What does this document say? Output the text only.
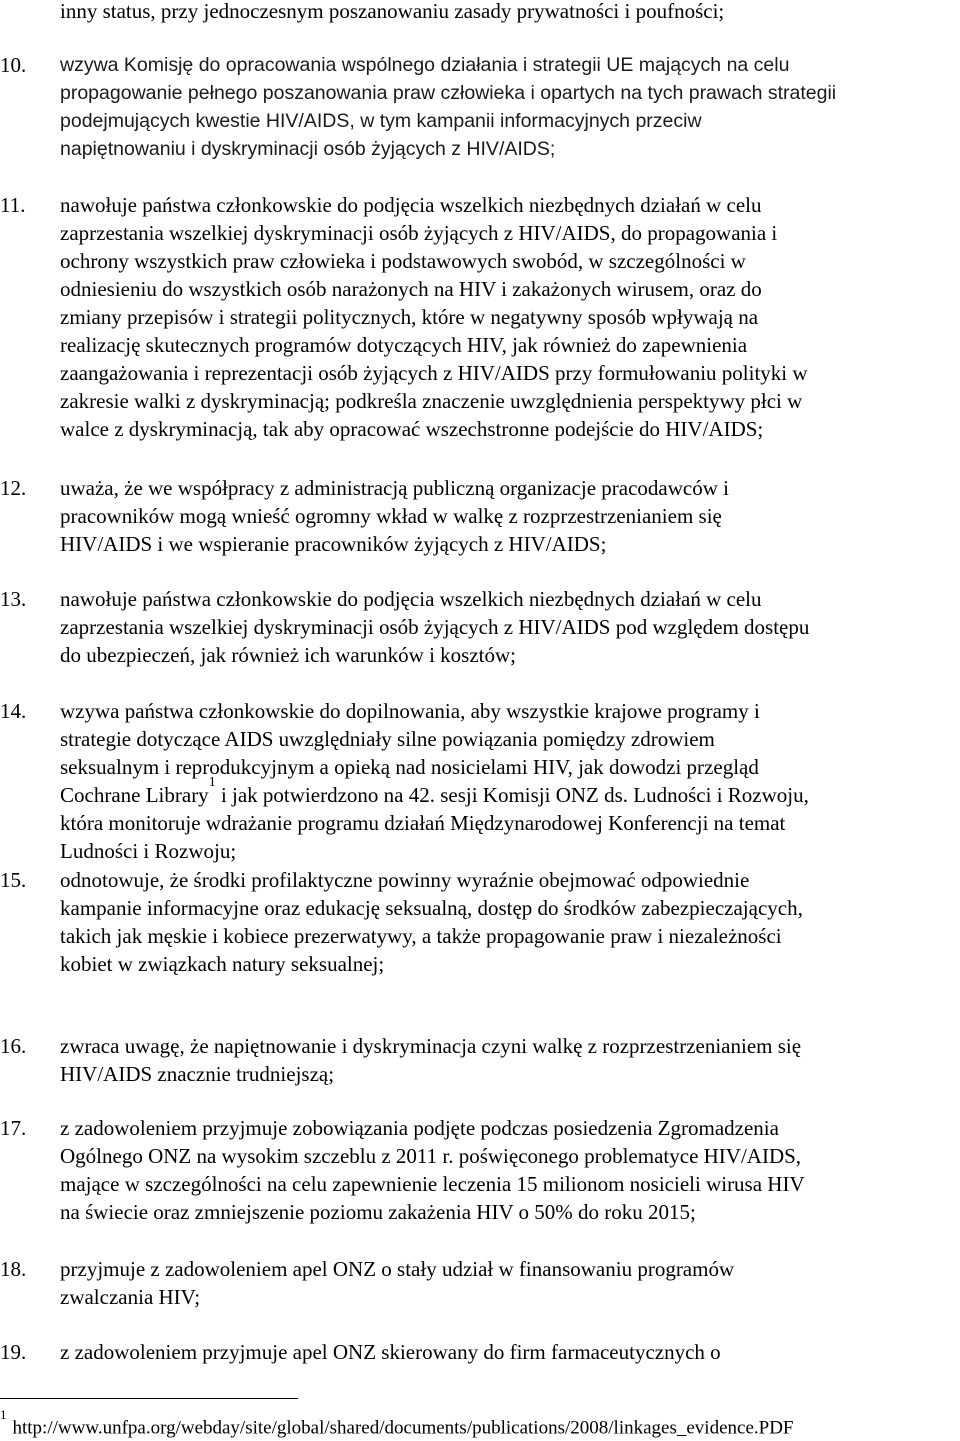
inny status, przy jednoczesnym poszanowaniu zasady prywatności i poufności;
10.	wzywa Komisję do opracowania wspólnego działania i strategii UE mających na celu
propagowanie pełnego poszanowania praw człowieka i opartych na tych prawach strategii
podejmujących kwestie HIV/AIDS, w tym kampanii informacyjnych przeciw
napiętnowaniu i dyskryminacji osób żyjących z HIV/AIDS;
11.	nawołuje państwa członkowskie do podjęcia wszelkich niezbędnych działań w celu
zaprzestania wszelkiej dyskryminacji osób żyjących z HIV/AIDS, do propagowania i
ochrony wszystkich praw człowieka i podstawowych swobód, w szczególności w
odniesieniu do wszystkich osób narażonych na HIV i zakażonych wirusem, oraz do
zmiany przepisów i strategii politycznych, które w negatywny sposób wpływają na
realizację skutecznych programów dotyczących HIV, jak również do zapewnienia
zaangażowania i reprezentacji osób żyjących z HIV/AIDS przy formułowaniu polityki w
zakresie walki z dyskryminacją; podkreśla znaczenie uwzględnienia perspektywy płci w
walce z dyskryminacją, tak aby opracować wszechstronne podejście do HIV/AIDS;
12.	uważa, że we współpracy z administracją publiczną organizacje pracodawców i
pracowników mogą wnieść ogromny wkład w walkę z rozprzestrzenianiem się
HIV/AIDS i we wspieranie pracowników żyjących z HIV/AIDS;
13.	nawołuje państwa członkowskie do podjęcia wszelkich niezbędnych działań w celu
zaprzestania wszelkiej dyskryminacji osób żyjących z HIV/AIDS pod względem dostępu
do ubezpieczeń, jak również ich warunków i kosztów;
14.	wzywa państwa członkowskie do dopilnowania, aby wszystkie krajowe programy i
strategie dotyczące AIDS uwzględniały silne powiązania pomiędzy zdrowiem
seksualnym i reprodukcyjnym a opieką nad nosicielami HIV, jak dowodzi przegląd
Cochrane Library$^1$ i jak potwierdzono na 42. sesji Komisji ONZ ds. Ludności i Rozwoju,
która monitoruje wdrażanie programu działań Międzynarodowej Konferencji na temat
Ludności i Rozwoju;
15.	odnotowuje, że środki profilaktyczne powinny wyraźnie obejmować odpowiednie
kampanie informacyjne oraz edukację seksualną, dostęp do środków zabezpieczających,
takich jak męskie i kobiece prezerwatywy, a także propagowanie praw i niezależności
kobiet w związkach natury seksualnej;
16.	zwraca uwagę, że napiętnowanie i dyskryminacja czyni walkę z rozprzestrzenianiem się
HIV/AIDS znacznie trudniejszą;
17.	z zadowoleniem przyjmuje zobowiązania podjęte podczas posiedzenia Zgromadzenia
Ogólnego ONZ na wysokim szczeblu z 2011 r. poświęconego problematyce HIV/AIDS,
mające w szczególności na celu zapewnienie leczenia 15 milionom nosicieli wirusa HIV
na świecie oraz zmniejszenie poziomu zakażenia HIV o 50% do roku 2015;
18.	przyjmuje z zadowoleniem apel ONZ o stały udział w finansowaniu programów
zwalczania HIV;
19.	z zadowoleniem przyjmuje apel ONZ skierowany do firm farmaceutycznych o
$^1$http://www.unfpa.org/webday/site/global/shared/documents/publications/2008/linkages_evidence.PDF
